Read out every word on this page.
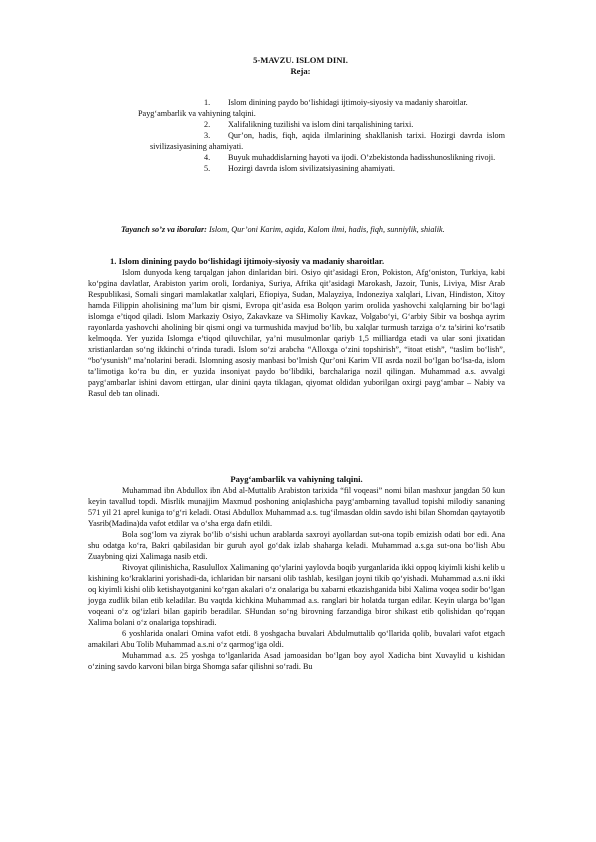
5-MAVZU. ISLOM DINI.

Reja:

1. Islom dinining paydo bo‘lishidagi ijtimoiy-siyosiy va madaniy sharoitlar.
Payg‘ambarlik va vahiyning talqini.
2. Xalifalikning tuzilishi va islom dini tarqalishining tarixi.
3. Qur’on, hadis, fiqh, aqida ilmlarining shakllanish tarixi. Hozirgi davrda islom sivilizasiyasining ahamiyati.
4. Buyuk muhaddislarning hayoti va ijodi. O’zbekistonda hadisshunoslikning rivoji.
5. Hozirgi davrda islom sivilizatsiyasining ahamiyati.

Tayanch so’z va iboralar: Islom, Qur’oni Karim, aqida, Kalom ilmi, hadis, fiqh, sunniylik, shialik.

1. Islom dinining paydo bo‘lishidagi ijtimoiy-siyosiy va madaniy sharoitlar.

Islom dunyoda keng tarqalgan jahon dinlaridan biri. Osiyo qit’asidagi Eron, Pokiston, Afg‘oniston, Turkiya, kabi ko‘pgina davlatlar, Arabiston yarim oroli, Iordaniya, Suriya, Afrika qit’asidagi Marokash, Jazoir, Tunis, Liviya, Misr Arab Respublikasi, Somali singari mamlakatlar xalqlari, Efiopiya, Sudan, Malayziya, Indoneziya xalqlari, Livan, Hindiston, Xitoy hamda Filippin aholisining ma’lum bir qismi, Evropa qit’asida esa Bolqon yarim orolida yashovchi xalqlarning bir bo‘lagi islomga e’tiqod qiladi. Islom Markaziy Osiyo, Zakavkaze va SHimoliy Kavkaz, Volgabo‘yi, G‘arbiy Sibir va boshqa ayrim rayonlarda yashovchi aholining bir qismi ongi va turmushida mavjud bo‘lib, bu xalqlar turmush tarziga o‘z ta’sirini ko‘rsatib kelmoqda. Yer yuzida Islomga e’tiqod qiluvchilar, ya’ni musulmonlar qariyb 1,5 milliardga etadi va ular soni jixatidan xristianlardan so‘ng ikkinchi o‘rinda turadi. Islom so‘zi arabcha “Alloxga o‘zini topshirish”, “itoat etish”, “taslim bo‘lish”, “bo‘ysunish” ma’nolarini beradi. Islomning asosiy manbasi bo‘lmish Qur’oni Karim VII asrda nozil bo‘lgan bo‘lsa-da, islom ta’limotiga ko‘ra bu din, er yuzida insoniyat paydo bo‘libdiki, barchalariga nozil qilingan. Muhammad a.s. avvalgi payg‘ambarlar ishini davom ettirgan, ular dinini qayta tiklagan, qiyomat oldidan yuborilgan oxirgi payg‘ambar – Nabiy va Rasul deb tan olinadi.

Payg‘ambarlik va vahiyning talqini.

Muhammad ibn Abdullox ibn Abd al-Muttalib Arabiston tarixida “fil voqeasi” nomi bilan mashxur jangdan 50 kun keyin tavallud topdi. Misrlik munajjim Maxmud poshoning aniqlashicha payg‘ambarning tavallud topishi milodiy sananing 571 yil 21 aprel kuniga to‘g‘ri keladi. Otasi Abdullox Muhammad a.s. tug‘ilmasdan oldin savdo ishi bilan Shomdan qaytayotib Yasrib(Madina)da vafot etdilar va o‘sha erga dafn etildi.

Bola sog‘lom va ziyrak bo‘lib o‘sishi uchun arablarda saxroyi ayollardan sut-ona topib emizish odati bor edi. Ana shu odatga ko‘ra, Bakri qabilasidan bir guruh ayol go‘dak izlab shaharga keladi. Muhammad a.s.ga sut-ona bo‘lish Abu Zuaybning qizi Xalimaga nasib etdi.

Rivoyat qilinishicha, Rasulullox Xalimaning qo‘ylarini yaylovda boqib yurganlarida ikki oppoq kiyimli kishi kelib u kishining ko‘kraklarini yorishadi-da, ichlaridan bir narsani olib tashlab, kesilgan joyni tikib qo‘yishadi. Muhammad a.s.ni ikki oq kiyimli kishi olib ketishayotganini ko‘rgan akalari o‘z onalariga bu xabarni etkazishganida bibi Xalima voqea sodir bo‘lgan joyga zudlik bilan etib keladilar. Bu vaqtda kichkina Muhammad a.s. ranglari bir holatda turgan edilar. Keyin ularga bo‘lgan voqeani o‘z og‘izlari bilan gapirib beradilar. SHundan so‘ng birovning farzandiga biror shikast etib qolishidan qo‘rqqan Xalima bolani o‘z onalariga topshiradi.

6 yoshlarida onalari Omina vafot etdi. 8 yoshgacha buvalari Abdulmuttalib qo‘llarida qolib, buvalari vafot etgach amakilari Abu Tolib Muhammad a.s.ni o‘z qarmog‘iga oldi.

Muhammad a.s. 25 yoshga to‘lganlarida Asad jamoasidan bo‘lgan boy ayol Xadicha bint Xuvaylid u kishidan o‘zining savdo karvoni bilan birga Shomga safar qilishni so‘radi. Bu
